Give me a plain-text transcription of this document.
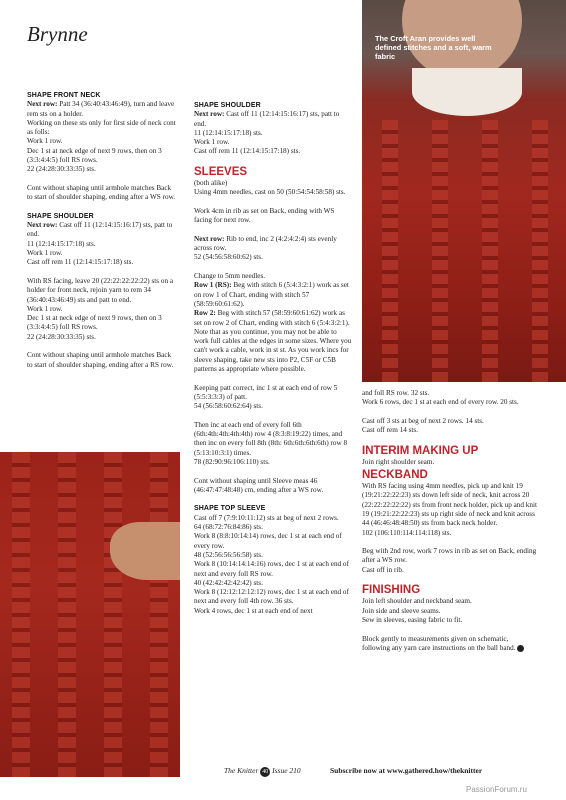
Brynne	The Croft Aran provides well defined stitches and a soft, warm fabric
SHAPE FRONT NECK
Next row: Patt 34 (36:40:43:46:49), turn and leave rem sts on a holder.
Working on these sts only for first side of neck cont as folls:
Work 1 row.
Dec 1 st at neck edge of next 9 rows, then on 3 (3:3:4:4:5) foll RS rows.

22 (24:28:30:33:35) sts.

Cont without shaping until armhole matches Back to start of shoulder shaping, ending after a WS row.

SHAPE SHOULDER
Next row: Cast off 11 (12:14:15:16:17) sts, patt to end.
11 (12:14:15:17:18) sts.
Work 1 row.

Cast off rem 11 (12:14:15:17:18) sts.

With RS facing, leave 20 (22:22:22:22:22) sts on a holder for front neck, rejoin yarn to rem 34 (36:40:43:46:49) sts and patt to end.
Work 1 row.
Dec 1 st at neck edge of next 9 rows, then on 3 (3:3:4:4:5) foll RS rows.

22 (24:28:30:33:35) sts.

Cont without shaping until armhole matches Back to start of shoulder shaping, ending after a RS row.

SHAPE SHOULDER
Next row: Cast off 11 (12:14:15:16:17) sts, patt to end.
11 (12:14:15:17:18) sts.
Work 1 row.

Cast off rem 11 (12:14:15:17:18) sts.

SLEEVES
(both alike)

Using 4mm needles, cast on 50 (50:54:54:58:58) sts.

Work 4cm in rib as set on Back, ending with WS facing for next row.

Next row: Rib to end, inc 2 (4:2:4:2:4) sts evenly across row.

52 (54:56:58:60:62) sts.

Change to 5mm needles.
Row 1 (RS): Beg with stitch 6 (5:4:3:2:1) work as set on row 1 of Chart, ending with stitch 57 (58:59:60:61:62).
Row 2: Beg with stitch 57 (58:59:60:61:62) work as set on row 2 of Chart, ending with stitch 6 (5:4:3:2:1).

Note that as you continue, you may not be able to work full cables at the edges in some sizes. Where you can't work a cable, work in st st. As you work incs for sleeve shaping, take new sts into P2, C5F or C5B patterns as appropriate where possible.

Keeping patt correct, inc 1 st at each end of row 5 (5:5:3:3:3) of patt.

54 (56:58:60:62:64) sts.

Then inc at each end of every foll 6th (6th:4th:4th:4th:4th) row 4 (8:3:8:19:22) times, and then inc on every foll 8th (8th: 6th:6th:6th:6th) row 8 (5:13:10:3:1) times.

78 (82:90:96:106:110) sts.

Cont without shaping until Sleeve meas 46 (46:47:47:48:48) cm, ending after a WS row.

SHAPE TOP SLEEVE
Cast off 7 (7:9:10:11:12) sts at beg of next 2 rows.
64 (68:72:76:84:86) sts.
Work 8 (8:8:10:14:14) rows, dec 1 st at each end of every row.
48 (52:56:56:56:58) sts.
Work 8 (10:14:14:14:16) rows, dec 1 st at each end of next and every foll RS row.
40 (42:42:42:42:42) sts.
Work 8 (12:12:12:12:12) rows, dec 1 st at each end of next and every foll 4th row. 36 sts.
Work 4 rows, dec 1 st at each end of next
and foll RS row. 32 sts.

Work 6 rows, dec 1 st at each end of every row. 20 sts.

Cast off 3 sts at beg of next 2 rows. 14 sts.

Cast off rem 14 sts.

INTERIM MAKING UP
Join right shoulder seam.
NECKBAND
With RS facing using 4mm needles, pick up and knit 19 (19:21:22:22:23) sts down left side of neck, knit across 20 (22:22:22:22:22) sts from front neck holder, pick up and knit 19 (19:21:22:22:23) sts up right side of neck and knit across 44 (46:46:48:48:50) sts from back neck holder.

102 (106:110:114:114:118) sts.

Beg with 2nd row, work 7 rows in rib as set on Back, ending after a WS row.

Cast off in rib.

FINISHING
Join left shoulder and neckband seam.
Join side and sleeve seams.

Sew in sleeves, easing fabric to fit.

Block gently to measurements given on schematic, following any yarn care instructions on the ball band.
The Knitter 40 Issue 210	Subscribe now at www.gathered.how/theknitter
PassionForum.ru
